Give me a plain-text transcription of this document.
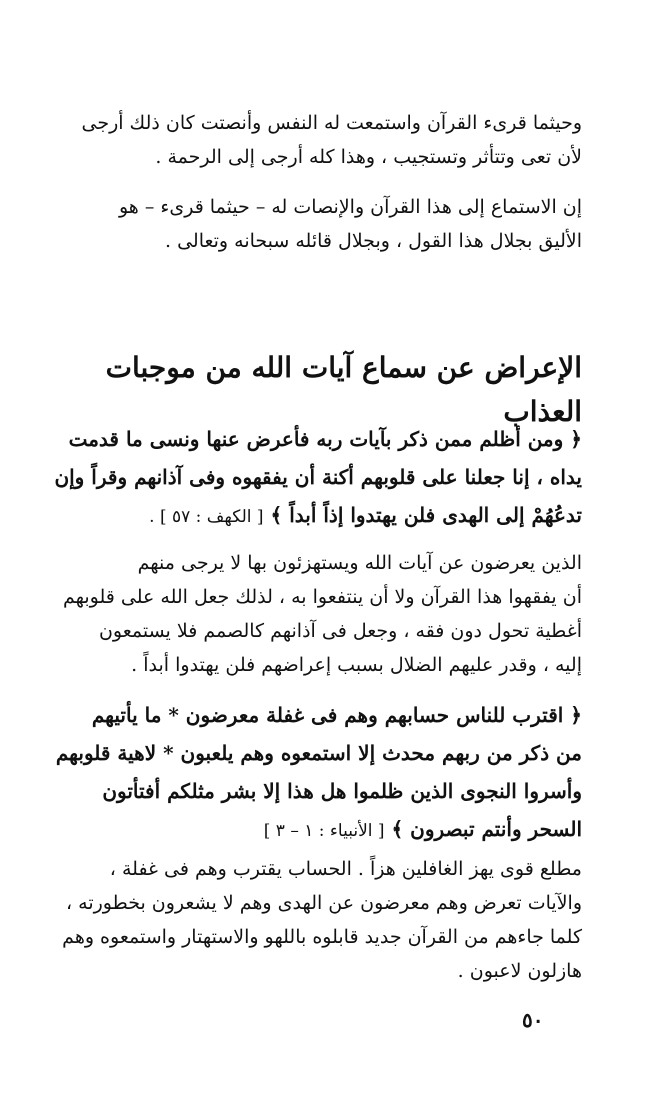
وحيثما قرىء القرآن واستمعت له النفس وأنصتت كان ذلك أرجى
لأن تعى وتتأثر وتستجيب ، وهذا كله أرجى إلى الرحمة .

إن الاستماع إلى هذا القرآن والإنصات له – حيثما قرىء – هو
الأليق بجلال هذا القول ، وبجلال قائله سبحانه وتعالى .

الإعراض عن سماع آيات الله من موجبات العذاب

﴿ ومن أظلم ممن ذكر بآيات ربه فأعرض عنها ونسى ما قدمت
يداه ، إنا جعلنا على قلوبهم أكنة أن يفقهوه وفى آذانهم وقراً وإن
تدعُهُمْ إلى الهدى فلن يهتدوا إذاً أبداً ﴾ [ الكهف : ٥٧ ] .

الذين يعرضون عن آيات الله ويستهزئون بها لا يرجى منهم
أن يفقهوا هذا القرآن ولا أن ينتفعوا به ، لذلك جعل الله على قلوبهم
أغطية تحول دون فقه ، وجعل فى آذانهم كالصمم فلا يستمعون
إليه ، وقدر عليهم الضلال بسبب إعراضهم فلن يهتدوا أبداً .

﴿ اقترب للناس حسابهم وهم فى غفلة معرضون * ما يأتيهم
من ذكر من ربهم محدث إلا استمعوه وهم يلعبون * لاهية قلوبهم
وأسروا النجوى الذين ظلموا هل هذا إلا بشر مثلكم أفتأتون
السحر وأنتم تبصرون ﴾ [ الأنبياء : ١ – ٣ ]

مطلع قوى يهز الغافلين هزاً . الحساب يقترب وهم فى غفلة ،
والآيات تعرض وهم معرضون عن الهدى وهم لا يشعرون بخطورته ،
كلما جاءهم من القرآن جديد قابلوه باللهو والاستهتار واستمعوه وهم
هازلون لاعبون .

٥٠
